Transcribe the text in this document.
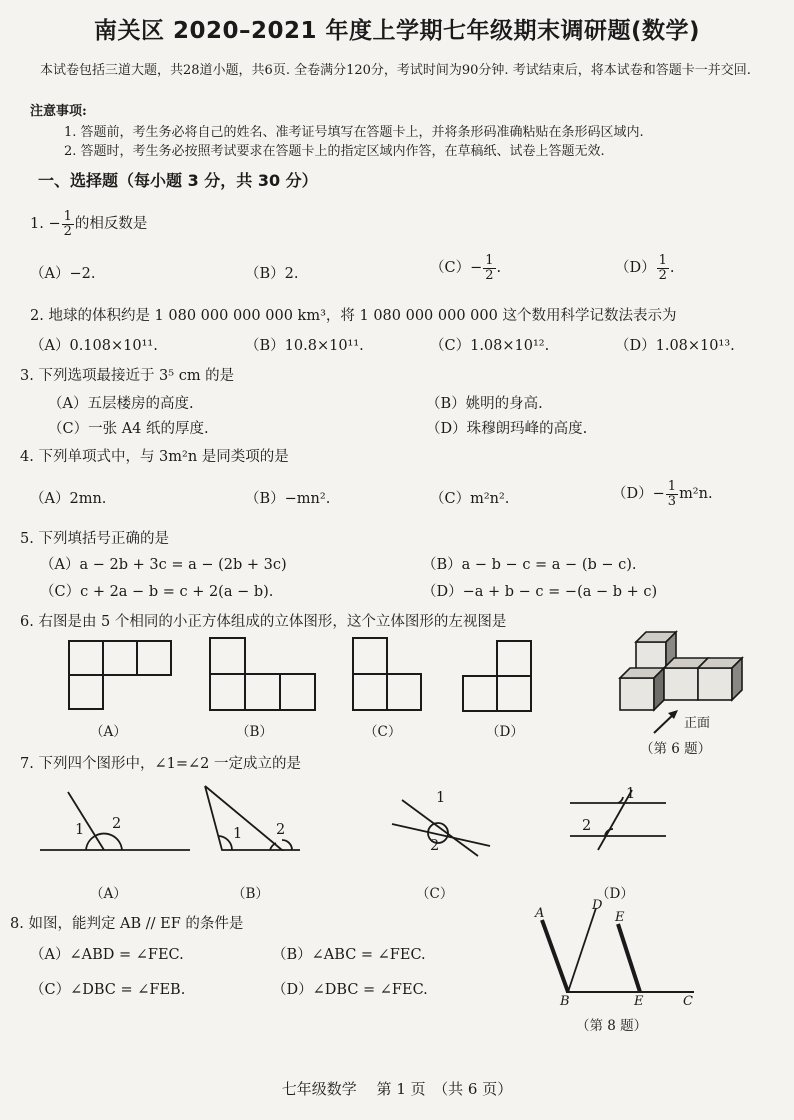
南关区 2020–2021 年度上学期七年级期末调研题(数学)
本试卷包括三道大题，共28道小题，共6页. 全卷满分120分，考试时间为90分钟. 考试结束后，将本试卷和答题卡一并交回.
注意事项:
1. 答题前，考生务必将自己的姓名、准考证号填写在答题卡上，并将条形码准确粘贴在条形码区域内.
2. 答题时，考生务必按照考试要求在答题卡上的指定区域内作答，在草稿纸、试卷上答题无效.
一、选择题（每小题 3 分，共 30 分）
1. − $\frac{1}{2}$ 的相反数是
（A）−2.	（B）2.	$(C)- \frac{1}{2}$ .	$(D) \frac{1}{2}$ .
2. 地球的体积约是 1 080 000 000 000 km³，将 1 080 000 000 000 这个数用科学记数法表示为
（A）0.108×10¹¹.	（B）10.8×10¹¹.	（C）1.08×10¹².	（D）1.08×10¹³.
3. 下列选项最接近于 3⁵ cm 的是
（A）五层楼房的高度.	（B）姚明的身高.
（C）一张 A4 纸的厚度.	（D）珠穆朗玛峰的高度.
4. 下列单项式中，与 3m²n 是同类项的是
（A）2mn.	（B）−mn².	（C）m²n².	$(D)- \frac{1}{3} m^2n$.
5. 下列填括号正确的是
（A）a − 2b + 3c = a − (2b + 3c)	（B）a − b − c = a − (b − c).
（C）c + 2a − b = c + 2(a − b).	（D）−a + b − c = −(a − b + c)
6. 右图是由 5 个相同的小正方体组成的立体图形，这个立体图形的左视图是
（A）	（B）	（C）	（D）
正面
（第 6 题）
7. 下列四个图形中，∠1=∠2 一定成立的是
1 2
1 2
1
2
1
2
（A）	（B）	（C）	（D）
8. 如图，能判定 AB // EF 的条件是
（A）∠ABD = ∠FEC.	（B）∠ABC = ∠FEC.
（C）∠DBC = ∠FEB.	（D）∠DBC = ∠FEC.
A
D
E
B	E	C
（第 8 题）
七年级数学　 第 1 页　（共 6 页）
